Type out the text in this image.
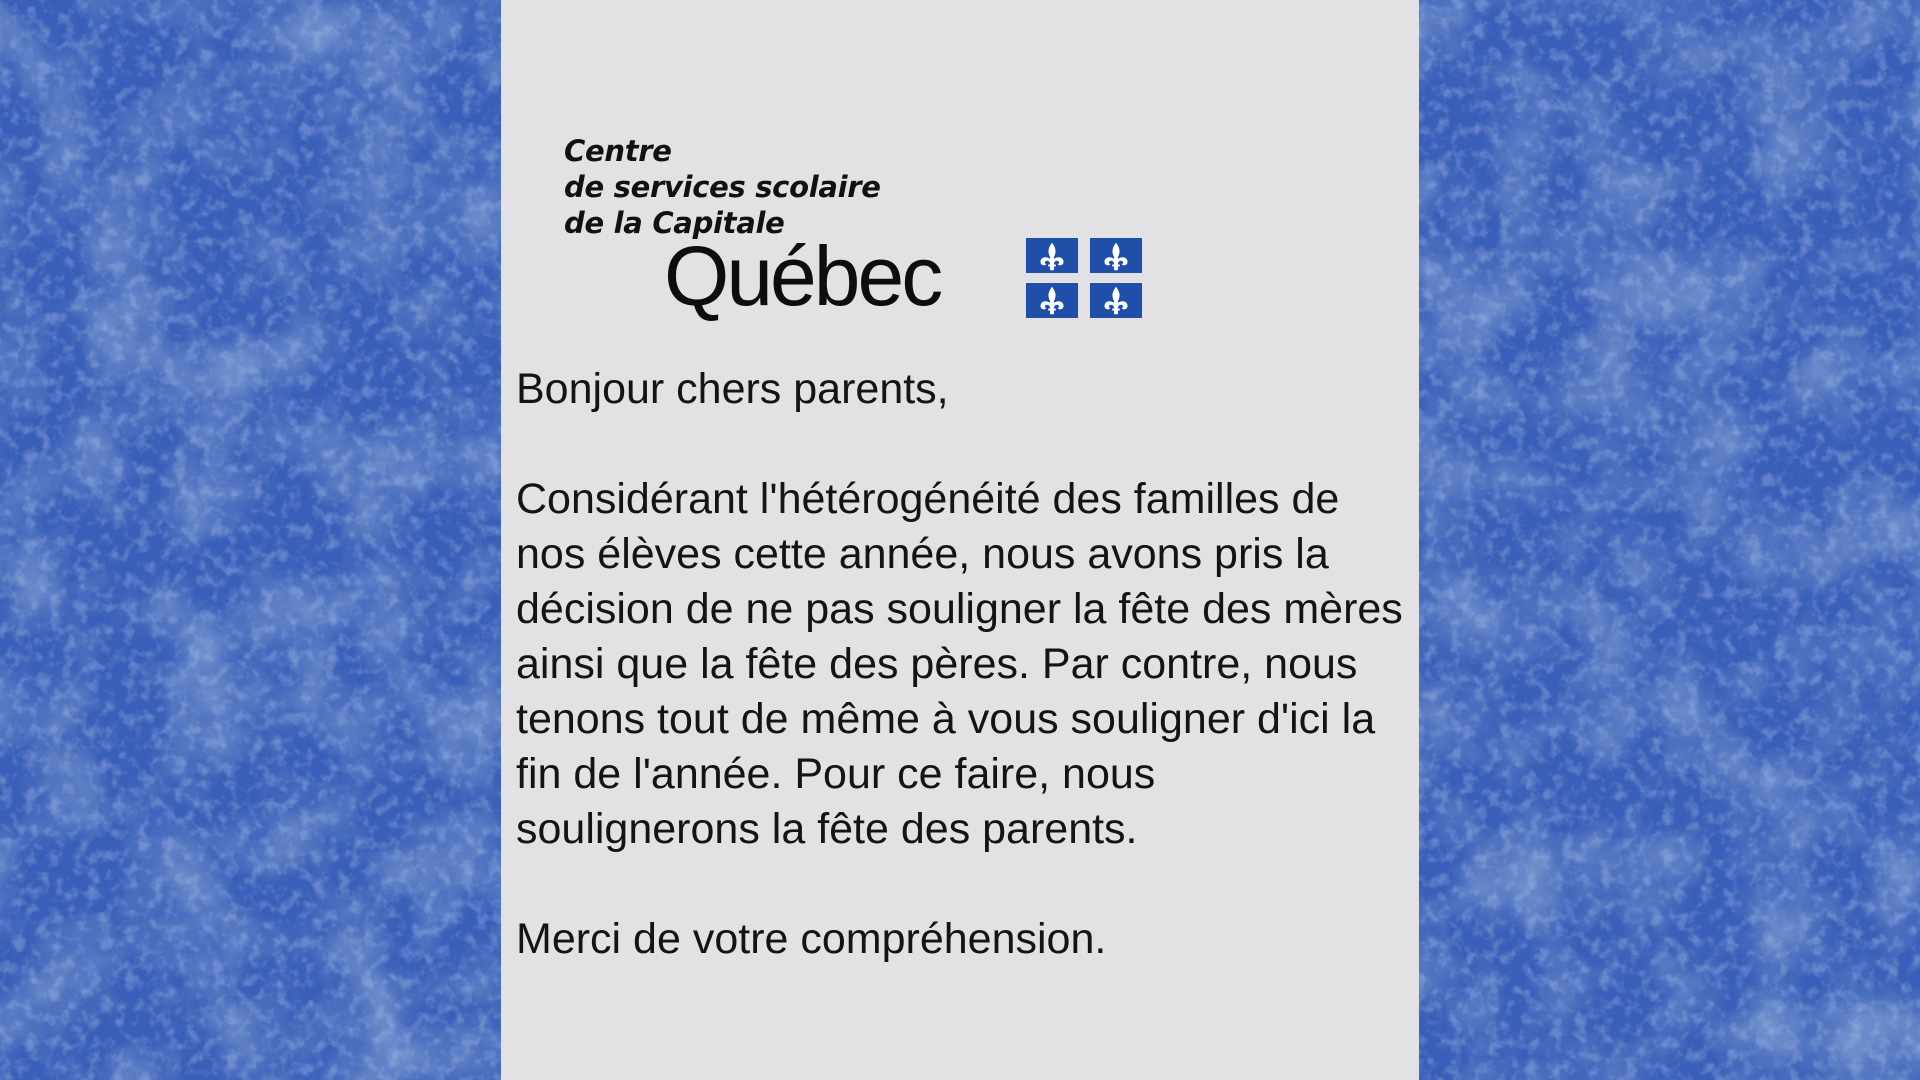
Centre
de services scolaire
de la Capitale
Québec

Bonjour chers parents,

Considérant l'hétérogénéité des familles de nos élèves cette année, nous avons pris la décision de ne pas souligner la fête des mères ainsi que la fête des pères. Par contre, nous tenons tout de même à vous souligner d'ici la fin de l'année. Pour ce faire, nous soulignerons la fête des parents.

Merci de votre compréhension.
